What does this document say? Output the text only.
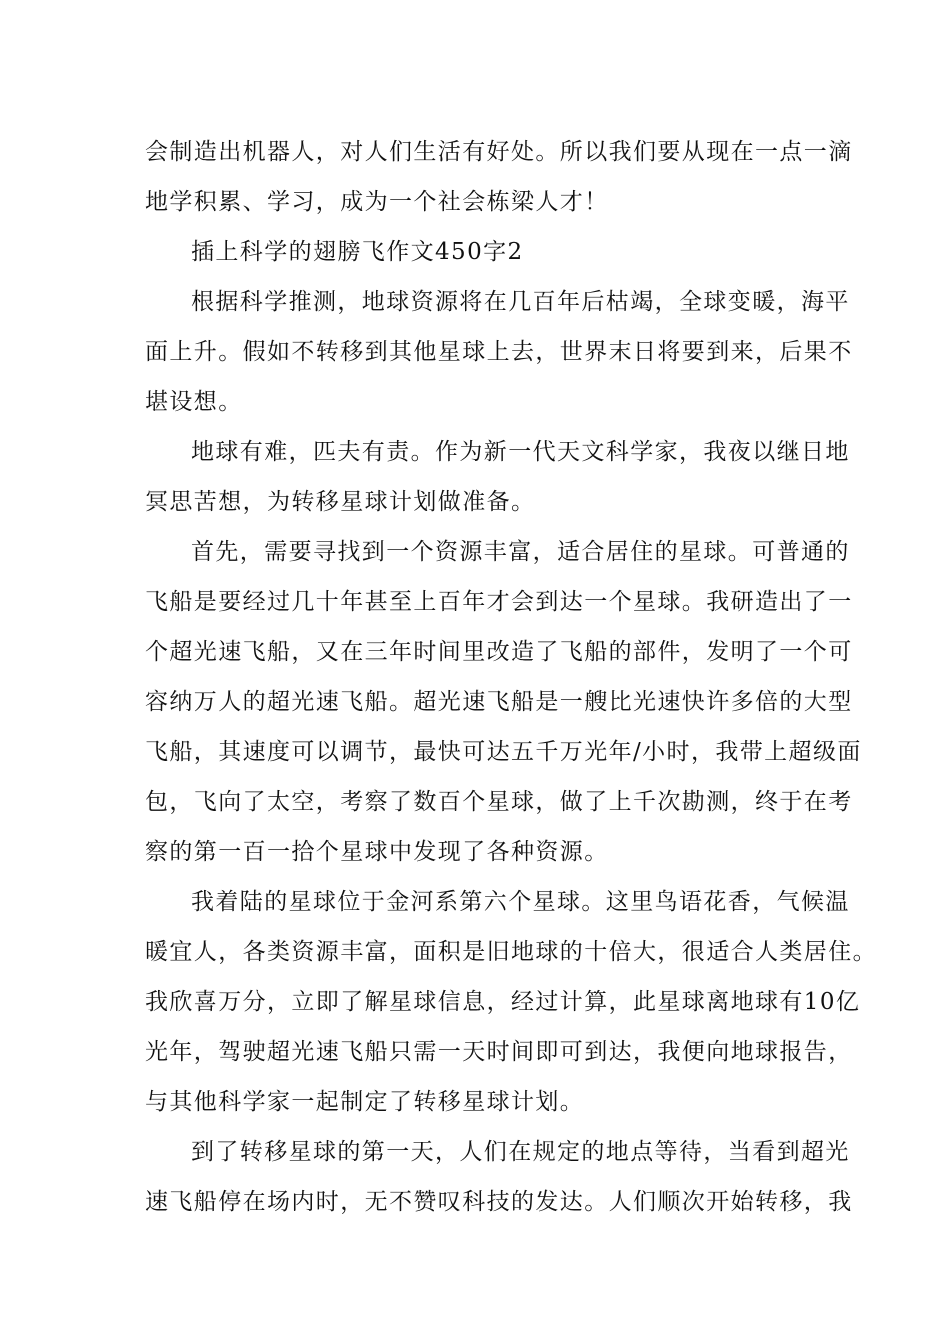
会制造出机器人，对人们生活有好处。所以我们要从现在一点一滴
地学积累、学习，成为一个社会栋梁人才！
插上科学的翅膀飞作文450字2
根据科学推测，地球资源将在几百年后枯竭，全球变暖，海平
面上升。假如不转移到其他星球上去，世界末日将要到来，后果不
堪设想。
地球有难，匹夫有责。作为新一代天文科学家，我夜以继日地
冥思苦想，为转移星球计划做准备。
首先，需要寻找到一个资源丰富，适合居住的星球。可普通的
飞船是要经过几十年甚至上百年才会到达一个星球。我研造出了一
个超光速飞船，又在三年时间里改造了飞船的部件，发明了一个可
容纳万人的超光速飞船。超光速飞船是一艘比光速快许多倍的大型
飞船，其速度可以调节，最快可达五千万光年/小时，我带上超级面
包，飞向了太空，考察了数百个星球，做了上千次勘测，终于在考
察的第一百一拾个星球中发现了各种资源。
我着陆的星球位于金河系第六个星球。这里鸟语花香，气候温
暖宜人，各类资源丰富，面积是旧地球的十倍大，很适合人类居住。
我欣喜万分，立即了解星球信息，经过计算，此星球离地球有10亿
光年，驾驶超光速飞船只需一天时间即可到达，我便向地球报告，
与其他科学家一起制定了转移星球计划。
到了转移星球的第一天，人们在规定的地点等待，当看到超光
速飞船停在场内时，无不赞叹科技的发达。人们顺次开始转移，我
